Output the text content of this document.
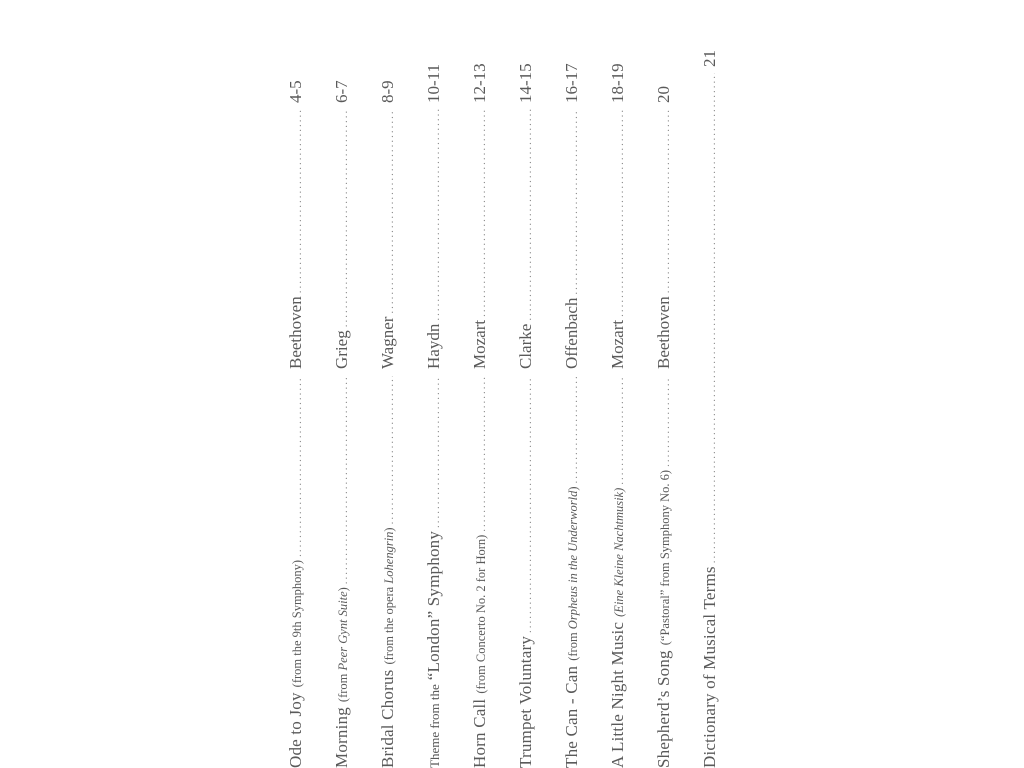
Ode to Joy
(from the 9th Symphony)
.....
Beethoven
.....
4-5
Morning
(from Peer Gynt Suite)
.....
Grieg
.....
6-7
Bridal Chorus
(from the opera Lohengrin)
.....
Wagner
.....
8-9
Theme from the
“London” Symphony
.....
Haydn
.....
10-11
Horn Call
(from Concerto No. 2 for Horn)
.....
Mozart
.....
12-13
Trumpet Voluntary
.....
Clarke
.....
14-15
The Can - Can
(from Orpheus in the Underworld)
.....
Offenbach
.....
16-17
A Little Night Music
(Eine Kleine Nachtmusik)
.....
Mozart
.....
18-19
Shepherd’s Song
(“Pastoral” from Symphony No. 6)
.....
Beethoven
.....
20
Dictionary of Musical Terms
.....
21
